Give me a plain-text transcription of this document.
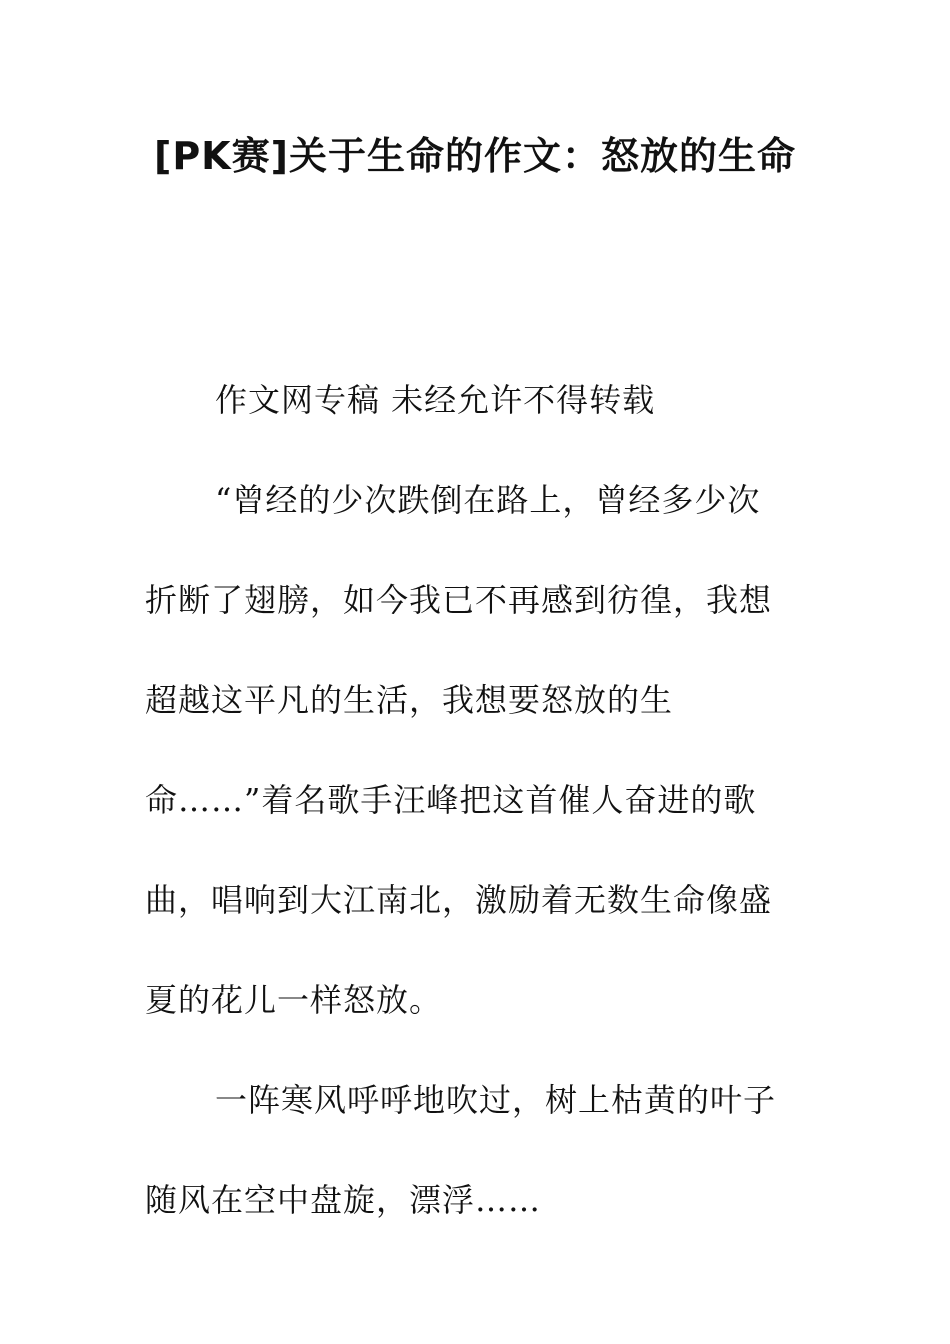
[PK赛]关于生命的作文：怒放的生命

作文网专稿 未经允许不得转载

“曾经的少次跌倒在路上，曾经多少次折断了翅膀，如今我已不再感到彷徨，我想超越这平凡的生活，我想要怒放的生命……”着名歌手汪峰把这首催人奋进的歌曲，唱响到大江南北，激励着无数生命像盛夏的花儿一样怒放。

一阵寒风呼呼地吹过，树上枯黄的叶子随风在空中盘旋，漂浮……
